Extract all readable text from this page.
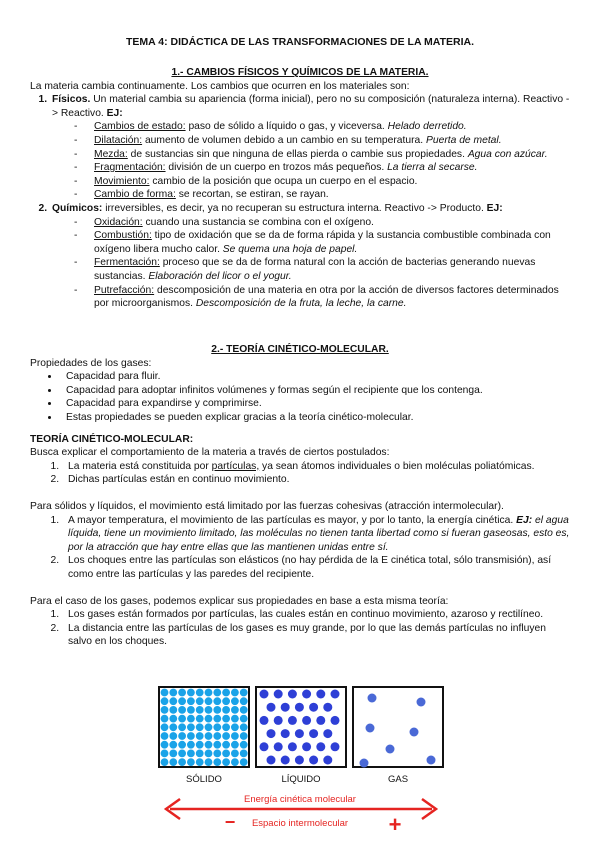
TEMA 4: DIDÁCTICA DE LAS TRANSFORMACIONES DE LA MATERIA.

1.- CAMBIOS FÍSICOS Y QUÍMICOS DE LA MATERIA.

La materia cambia continuamente. Los cambios que ocurren en los materiales son:

1. Físicos. Un material cambia su apariencia (forma inicial), pero no su composición (naturaleza interna). Reactivo -> Reactivo. EJ:
- Cambios de estado: paso de sólido a líquido o gas, y viceversa. Helado derretido.
- Dilatación: aumento de volumen debido a un cambio en su temperatura. Puerta de metal.
- Mezda: de sustancias sin que ninguna de ellas pierda o cambie sus propiedades. Agua con azúcar.
- Fragmentación: división de un cuerpo en trozos más pequeños. La tierra al secarse.
- Movimiento: cambio de la posición que ocupa un cuerpo en el espacio.
- Cambio de forma: se recortan, se estiran, se rayan.
2. Químicos: irreversibles, es decir, ya no recuperan su estructura interna. Reactivo -> Producto. EJ:
- Oxidación: cuando una sustancia se combina con el oxígeno.
- Combustión: tipo de oxidación que se da de forma rápida y la sustancia combustible combinada con oxígeno libera mucho calor. Se quema una hoja de papel.
- Fermentación: proceso que se da de forma natural con la acción de bacterias generando nuevas sustancias. Elaboración del licor o el yogur.
- Putrefacción: descomposición de una materia en otra por la acción de diversos factores determinados por microorganismos. Descomposición de la fruta, la leche, la carne.

2.- TEORÍA CINÉTICO-MOLECULAR.

Propiedades de los gases:

• Capacidad para fluir.
• Capacidad para adoptar infinitos volúmenes y formas según el recipiente que los contenga.
• Capacidad para expandirse y comprimirse.
• Estas propiedades se pueden explicar gracias a la teoría cinético-molecular.

TEORÍA CINÉTICO-MOLECULAR:

Busca explicar el comportamiento de la materia a través de ciertos postulados:

1. La materia está constituida por partículas, ya sean átomos individuales o bien moléculas poliatómicas.
2. Dichas partículas están en continuo movimiento.

Para sólidos y líquidos, el movimiento está limitado por las fuerzas cohesivas (atracción intermolecular).

1. A mayor temperatura, el movimiento de las partículas es mayor, y por lo tanto, la energía cinética. EJ: el agua líquida, tiene un movimiento limitado, las moléculas no tienen tanta libertad como si fueran gaseosas, esto es, por la atracción que hay entre ellas que las mantienen unidas entre sí.
2. Los choques entre las partículas son elásticos (no hay pérdida de la E cinética total, sólo transmisión), así como entre las partículas y las paredes del recipiente.

Para el caso de los gases, podemos explicar sus propiedades en base a esta misma teoría:

1. Los gases están formados por partículas, las cuales están en continuo movimiento, azaroso y rectilíneo.
2. La distancia entre las partículas de los gases es muy grande, por lo que las demás partículas no influyen salvo en los choques.
SÓLIDO	LÍQUIDO	GAS
Energía cinética molecular
Espacio intermolecular
−	+
